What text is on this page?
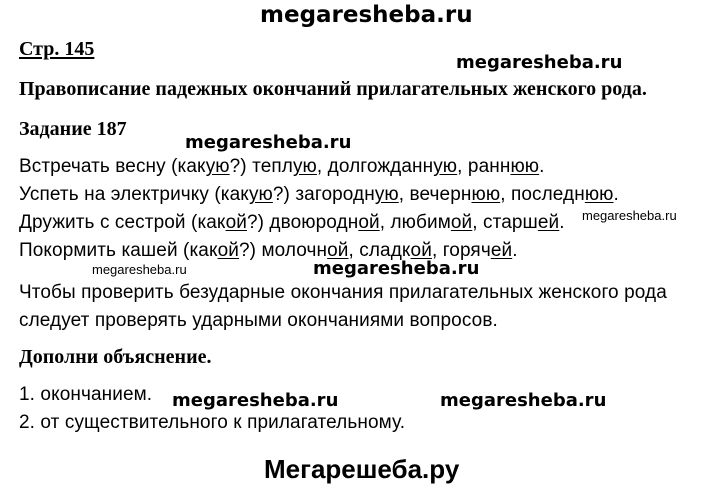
megaresheba.ru
Стр. 145
megaresheba.ru
Правописание падежных окончаний прилагательных женского рода.
Задание 187
megaresheba.ru
Встречать весну (какую?) теплую, долгожданную, раннюю.
Успеть на электричку (какую?) загородную, вечернюю, последнюю.
Дружить с сестрой (какой?) двоюродной, любимой, старшей.
Покормить кашей (какой?) молочной, сладкой, горячей.
megaresheba.ru
megaresheba.ru	megaresheba.ru
Чтобы проверить безударные окончания прилагательных женского рода
следует проверять ударными окончаниями вопросов.
Дополни объяснение.
1. окончанием. megaresheba.ru	megaresheba.ru
2. от существительного к прилагательному.
Мегарешеба.ру
